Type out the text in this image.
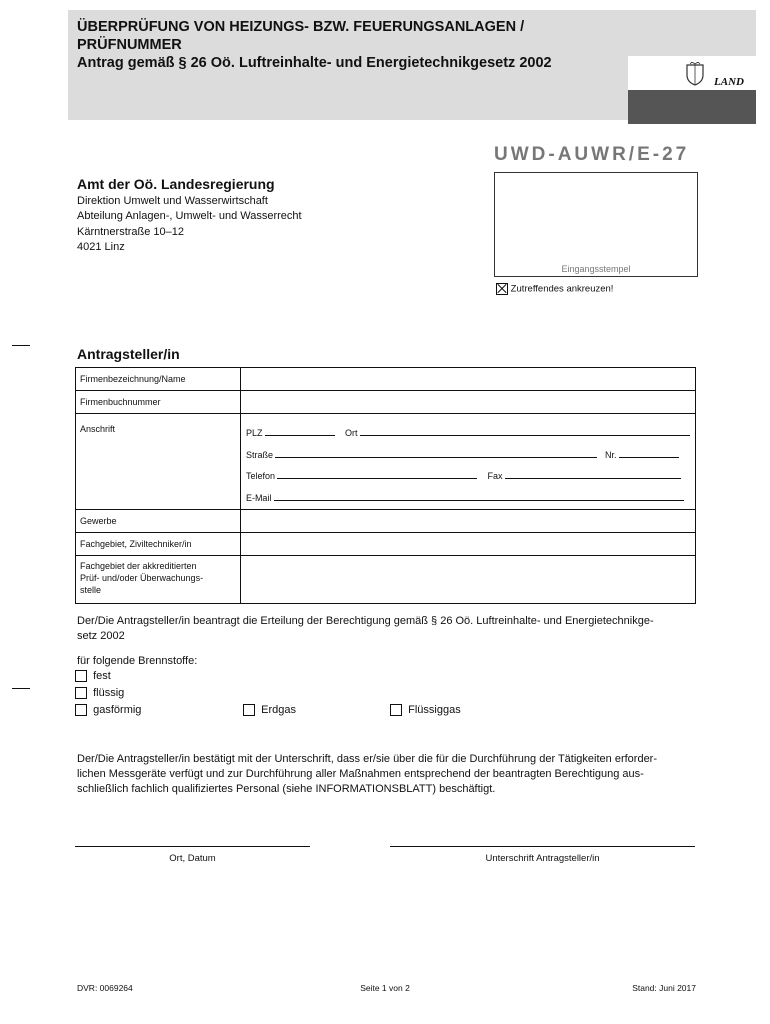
ÜBERPRÜFUNG VON HEIZUNGS- BZW. FEUERUNGSANLAGEN /
PRÜFNUMMER
Antrag gemäß § 26 Oö. Luftreinhalte- und Energietechnikgesetz 2002
LAND
OBERÖSTERREICH
UWD-AUWR/E-27
Amt der Oö. Landesregierung
Direktion Umwelt und Wasserwirtschaft
Abteilung Anlagen-, Umwelt- und Wasserrecht
Kärntnerstraße 10–12
4021 Linz
Eingangsstempel
Zutreffendes ankreuzen!
Antragsteller/in
Firmenbezeichnung/Name	
Firmenbuchnummer	
Anschrift	PLZ Ort
Straße Nr.
Telefon Fax
E-Mail

Gewerbe	
Fachgebiet, Ziviltechniker/in	

Fachgebiet der akkreditierten
Prüf- und/oder Überwachungs-
stelle	

Der/Die Antragsteller/in beantragt die Erteilung der Berechtigung gemäß § 26 Oö. Luftreinhalte- und Energietechnikge-
setz 2002
für folgende Brennstoffe:
fest
flüssig
gasförmig	Erdgas	Flüssiggas
Der/Die Antragsteller/in bestätigt mit der Unterschrift, dass er/sie über die für die Durchführung der Tätigkeiten erforder-
lichen Messgeräte verfügt und zur Durchführung aller Maßnahmen entsprechend der beantragten Berechtigung aus-
schließlich fachlich qualifiziertes Personal (siehe INFORMATIONSBLATT) beschäftigt.
Ort, Datum	Unterschrift Antragsteller/in
DVR: 0069264	Seite 1 von 2	Stand: Juni 2017
